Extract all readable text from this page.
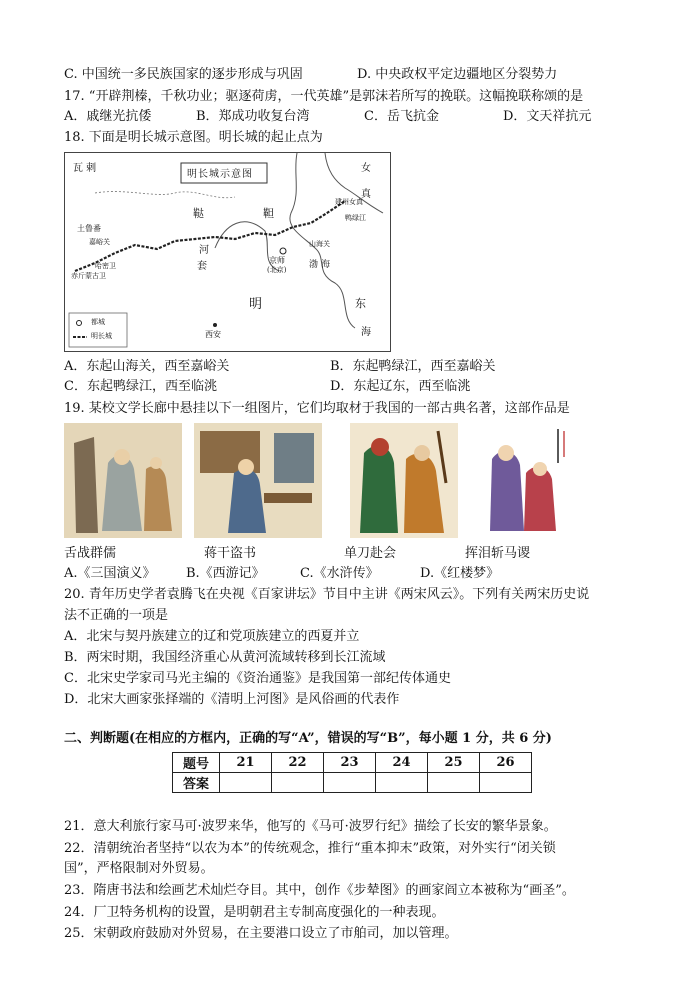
C. 中国统一多民族国家的逐步形成与巩固	D. 中央政权平定边疆地区分裂势力
17. “开辟荆榛，千秋功业；驱逐荷虏，一代英雄”是郭沫若所写的挽联。这幅挽联称颂的是
A．戚继光抗倭	B．郑成功收复台湾	C．岳飞抗金	D．文天祥抗元
18. 下面是明长城示意图。明长城的起止点为
明长城示意图
瓦 剌	女
真
建州女真
鞑	靼
土鲁番
嘉峪关
河
套
京师
(北京)	渤 海
明	东
海
西安
哈密卫
赤斤蒙古卫
鸭绿江
山海关
都城
明长城
A．东起山海关，西至嘉峪关	B．东起鸭绿江，西至嘉峪关
C．东起鸭绿江，西至临洮	D．东起辽东，西至临洮
19. 某校文学长廊中悬挂以下一组图片，它们均取材于我国的一部古典名著，这部作品是
舌战群儒	蒋干盗书	单刀赴会	挥泪斩马谡
A.《三国演义》 B.《西游记》	C.《水浒传》	D.《红楼梦》
20. 青年历史学者袁腾飞在央视《百家讲坛》节目中主讲《两宋风云》。下列有关两宋历史说
法不正确的一项是
A．北宋与契丹族建立的辽和党项族建立的西夏并立
B．两宋时期，我国经济重心从黄河流域转移到长江流域
C．北宋史学家司马光主编的《资治通鉴》是我国第一部纪传体通史
D．北宋大画家张择端的《清明上河图》是风俗画的代表作
二、判断题(在相应的方框内，正确的写“A”，错误的写“B”，每小题 1 分，共 6 分)
题号	21	22	23	24	25	26
答案						
21．意大利旅行家马可·波罗来华，他写的《马可·波罗行纪》描绘了长安的繁华景象。
22．清朝统治者坚持“以农为本”的传统观念，推行“重本抑末”政策，对外实行“闭关锁
国”，严格限制对外贸易。
23．隋唐书法和绘画艺术灿烂夺目。其中，创作《步辇图》的画家阎立本被称为“画圣”。
24．厂卫特务机构的设置，是明朝君主专制高度强化的一种表现。
25．宋朝政府鼓励对外贸易，在主要港口设立了市舶司，加以管理。
